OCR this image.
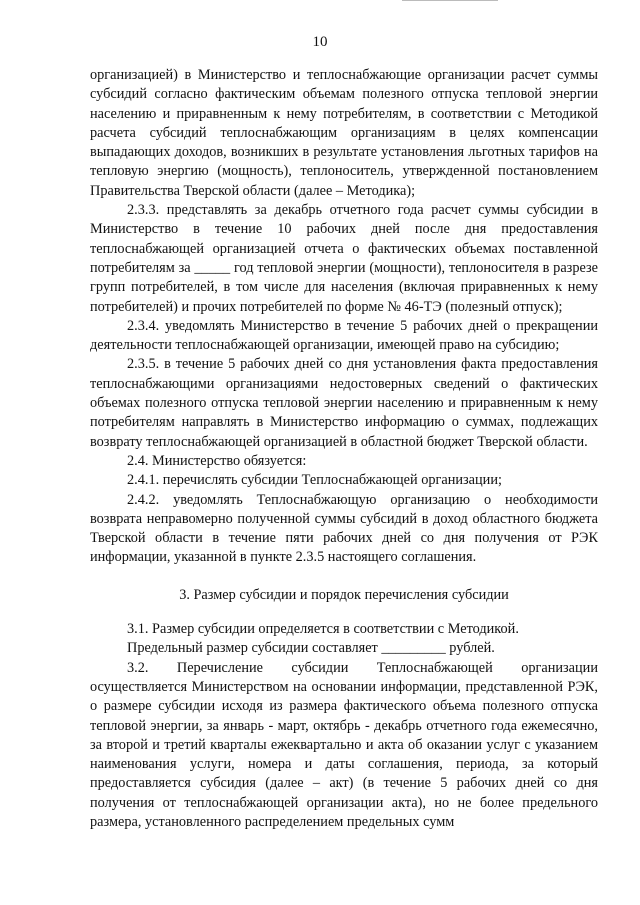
10

организацией) в Министерство и теплоснабжающие организации расчет суммы субсидий согласно фактическим объемам полезного отпуска тепловой энергии населению и приравненным к нему потребителям, в соответствии с Методикой расчета субсидий теплоснабжающим организациям в целях компенсации выпадающих доходов, возникших в результате установления льготных тарифов на тепловую энергию (мощность), теплоноситель, утвержденной постановлением Правительства Тверской области (далее – Методика);

2.3.3. представлять за декабрь отчетного года расчет суммы субсидии в Министерство в течение 10 рабочих дней после дня предоставления теплоснабжающей организацией отчета о фактических объемах поставленной потребителям за _____ год тепловой энергии (мощности), теплоносителя в разрезе групп потребителей, в том числе для населения (включая приравненных к нему потребителей) и прочих потребителей по форме № 46-ТЭ (полезный отпуск);

2.3.4. уведомлять Министерство в течение 5 рабочих дней о прекращении деятельности теплоснабжающей организации, имеющей право на субсидию;

2.3.5. в течение 5 рабочих дней со дня установления факта предоставления теплоснабжающими организациями недостоверных сведений о фактических объемах полезного отпуска тепловой энергии населению и приравненным к нему потребителям направлять в Министерство информацию о суммах, подлежащих возврату теплоснабжающей организацией в областной бюджет Тверской области.

2.4. Министерство обязуется:

2.4.1. перечислять субсидии Теплоснабжающей организации;

2.4.2. уведомлять Теплоснабжающую организацию о необходимости возврата неправомерно полученной суммы субсидий в доход областного бюджета Тверской области в течение пяти рабочих дней со дня получения от РЭК информации, указанной в пункте 2.3.5 настоящего соглашения.

3. Размер субсидии и порядок перечисления субсидии

3.1. Размер субсидии определяется в соответствии с Методикой.

Предельный размер субсидии составляет _________ рублей.

3.2. Перечисление субсидии Теплоснабжающей организации осуществляется Министерством на основании информации, представленной РЭК, о размере субсидии исходя из размера фактического объема полезного отпуска тепловой энергии, за январь - март, октябрь - декабрь отчетного года ежемесячно, за второй и третий кварталы ежеквартально и акта об оказании услуг с указанием наименования услуги, номера и даты соглашения, периода, за который предоставляется субсидия (далее – акт) (в течение 5 рабочих дней со дня получения от теплоснабжающей организации акта), но не более предельного размера, установленного распределением предельных сумм
